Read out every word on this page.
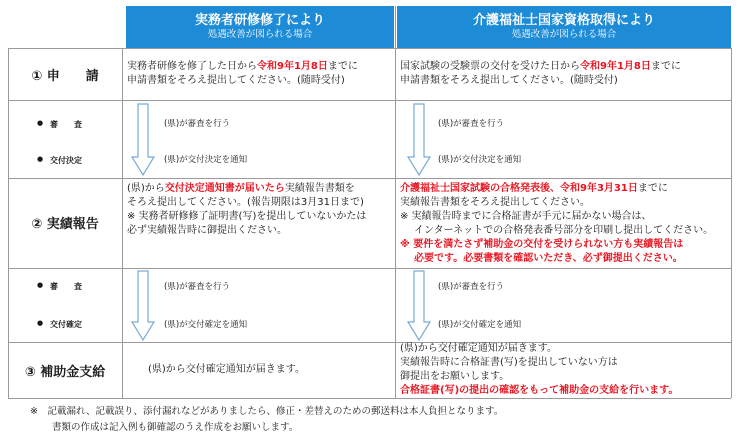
実務者研修修了により
処遇改善が図られる場合
介護福祉士国家資格取得により
処遇改善が図られる場合
① 申　　請
● 審　　査
● 交付決定
② 実績報告
● 審　　査
● 交付確定
③ 補助金支給
実務者研修を修了した日から令和9年1月8日までに
申請書類をそろえ提出してください。(随時受付)
(県)が審査を行う
(県)が交付決定を通知
(県)から交付決定通知書が届いたら実績報告書類を
そろえ提出してください。(報告期限は3月31日まで)
※ 実務者研修修了証明書(写)を提出していないかたは
必ず実績報告時に御提出ください。
(県)が審査を行う
(県)が交付確定を通知
(県)から交付確定通知が届きます。
国家試験の受験票の交付を受けた日から令和9年1月8日までに
申請書類をそろえ提出してください。(随時受付)
(県)が審査を行う
(県)が交付決定を通知
介護福祉士国家試験の合格発表後、令和9年3月31日までに
実績報告書類をそろえ提出してください。
※ 実績報告時までに合格証書が手元に届かない場合は、
インターネットでの合格発表番号部分を印刷し提出してください。
※ 要件を満たさず補助金の交付を受けられない方も実績報告は
必要です。必要書類を確認いただき、必ず御提出ください。
(県)が審査を行う
(県)が交付確定を通知
(県)から交付確定通知が届きます。
実績報告時に合格証書(写)を提出していない方は
御提出をお願いします。
合格証書(写)の提出の確認をもって補助金の支給を行います。
※　記載漏れ、記載誤り、添付漏れなどがありましたら、修正・差替えのための郵送料は本人負担となります。
書類の作成は記入例も御確認のうえ作成をお願いします。
